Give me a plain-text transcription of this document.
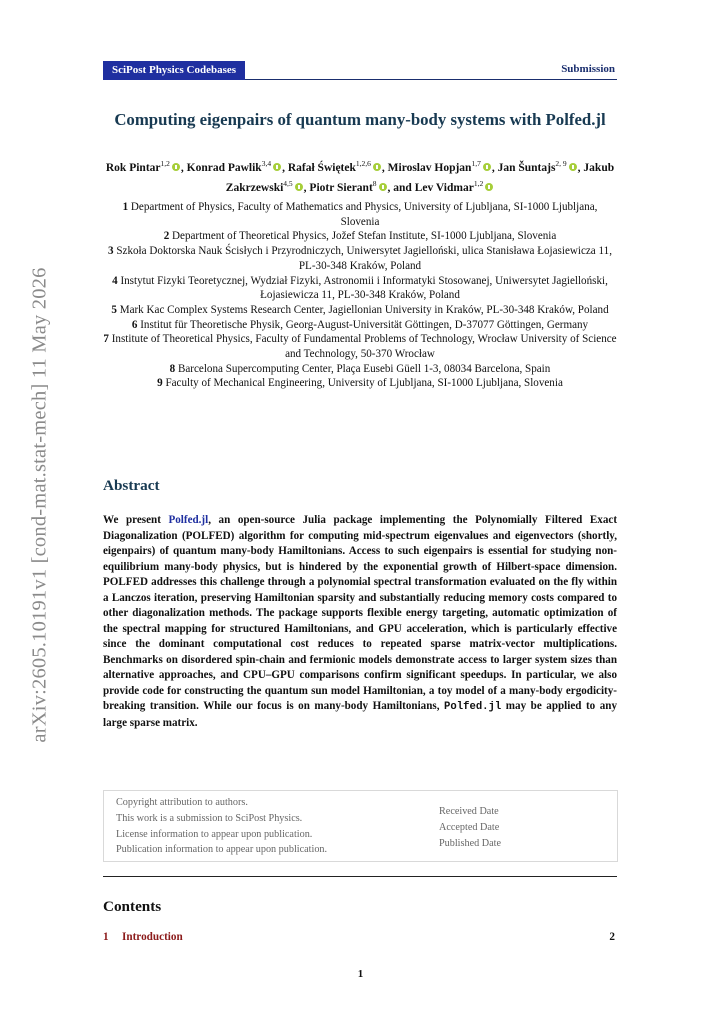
arXiv:2605.10191v1 [cond-mat.stat-mech] 11 May 2026
SciPost Physics Codebases	Submission
Computing eigenpairs of quantum many-body systems with Polfed.jl
Rok Pintar$^{1,2}$ , Konrad Pawlik$^{3,4}$ , Rafał Świętek$^{1,2,6}$ , Miroslav Hopjan$^{1,7}$ , Jan Šuntajs$^{2, 9}$ , Jakub Zakrzewski$^{4,5}$ , Piotr Sierant$^8$ , and Lev Vidmar$^{1,2}$
1 Department of Physics, Faculty of Mathematics and Physics, University of Ljubljana, SI-1000 Ljubljana, Slovenia
2 Department of Theoretical Physics, Jožef Stefan Institute, SI-1000 Ljubljana, Slovenia
3 Szkoła Doktorska Nauk Ścisłych i Przyrodniczych, Uniwersytet Jagielloński, ulica Stanisława Łojasiewicza 11, PL-30-348 Kraków, Poland
4 Instytut Fizyki Teoretycznej, Wydział Fizyki, Astronomii i Informatyki Stosowanej, Uniwersytet Jagielloński, Łojasiewicza 11, PL-30-348 Kraków, Poland
5 Mark Kac Complex Systems Research Center, Jagiellonian University in Kraków, PL-30-348 Kraków, Poland
6 Institut für Theoretische Physik, Georg-August-Universität Göttingen, D-37077 Göttingen, Germany
7 Institute of Theoretical Physics, Faculty of Fundamental Problems of Technology, Wrocław University of Science and Technology, 50-370 Wrocław
8 Barcelona Supercomputing Center, Plaça Eusebi Güell 1-3, 08034 Barcelona, Spain
9 Faculty of Mechanical Engineering, University of Ljubljana, SI-1000 Ljubljana, Slovenia
Abstract
We present Polfed.jl, an open-source Julia package implementing the Polynomially Filtered Exact Diagonalization (POLFED) algorithm for computing mid-spectrum eigenvalues and eigenvectors (shortly, eigenpairs) of quantum many-body Hamiltonians. Access to such eigenpairs is essential for studying non-equilibrium many-body physics, but is hindered by the exponential growth of Hilbert-space dimension. POLFED addresses this challenge through a polynomial spectral transformation evaluated on the fly within a Lanczos iteration, preserving Hamiltonian sparsity and substantially reducing memory costs compared to other diagonalization methods. The package supports flexible energy targeting, automatic optimization of the spectral mapping for structured Hamiltonians, and GPU acceleration, which is particularly effective since the dominant computational cost reduces to repeated sparse matrix-vector multiplications. Benchmarks on disordered spin-chain and fermionic models demonstrate access to larger system sizes than alternative approaches, and CPU–GPU comparisons confirm significant speedups. In particular, we also provide code for constructing the quantum sun model Hamiltonian, a toy model of a many-body ergodicity-breaking transition. While our focus is on many-body Hamiltonians, Polfed.jl may be applied to any large sparse matrix.
Copyright attribution to authors.
This work is a submission to SciPost Physics.
License information to appear upon publication.
Publication information to appear upon publication.
Received Date
Accepted Date
Published Date
Contents
1 Introduction	2
1
